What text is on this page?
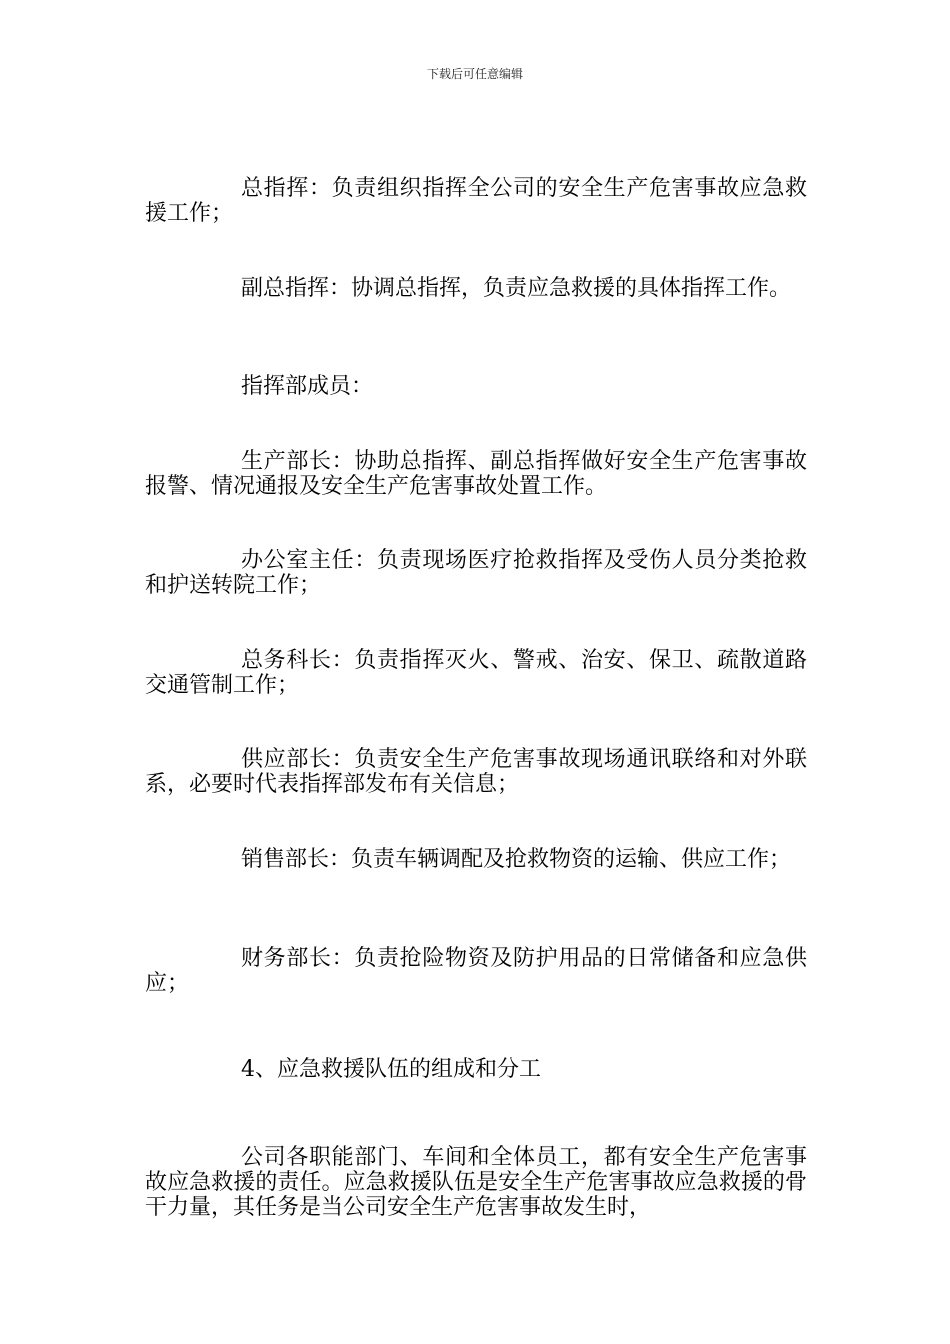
下载后可任意编辑

总指挥：负责组织指挥全公司的安全生产危害事故应急救援工作；

副总指挥：协调总指挥，负责应急救援的具体指挥工作。

指挥部成员：

生产部长：协助总指挥、副总指挥做好安全生产危害事故报警、情况通报及安全生产危害事故处置工作。

办公室主任：负责现场医疗抢救指挥及受伤人员分类抢救和护送转院工作；

总务科长：负责指挥灭火、警戒、治安、保卫、疏散道路交通管制工作；

供应部长：负责安全生产危害事故现场通讯联络和对外联系，必要时代表指挥部发布有关信息；

销售部长：负责车辆调配及抢救物资的运输、供应工作；

财务部长：负责抢险物资及防护用品的日常储备和应急供应；

4、应急救援队伍的组成和分工

公司各职能部门、车间和全体员工，都有安全生产危害事故应急救援的责任。应急救援队伍是安全生产危害事故应急救援的骨干力量，其任务是当公司安全生产危害事故发生时，
